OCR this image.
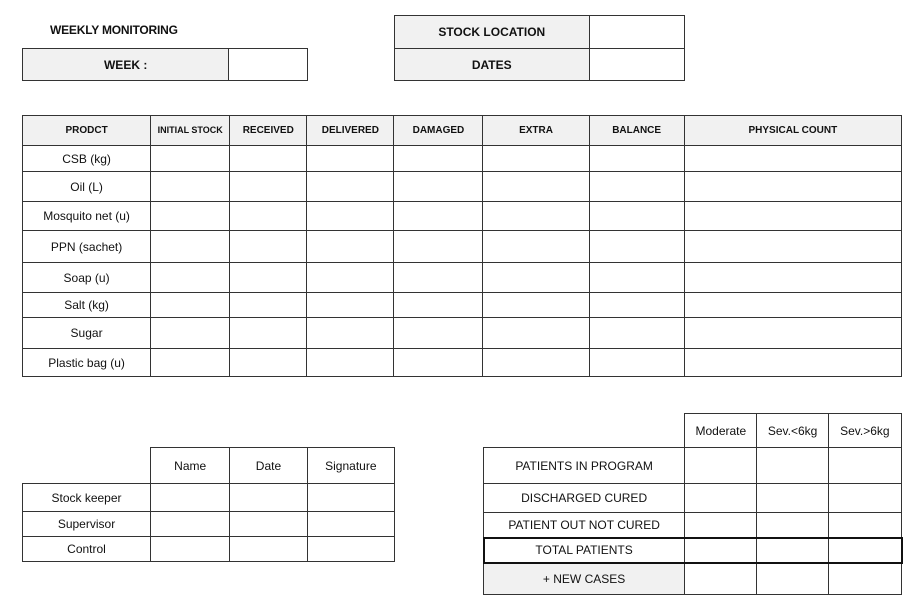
WEEKLY MONITORING
WEEK :	
STOCK LOCATION	
DATES	
PRODCT	INITIAL STOCK	RECEIVED	DELIVERED	DAMAGED	EXTRA	BALANCE	PHYSICAL COUNT
CSB (kg)							
Oil (L)							
Mosquito net (u)							
PPN (sachet)							
Soap (u)							
Salt (kg)							
Sugar							
Plastic bag (u)							
	Name	Date	Signature
Stock keeper			
Supervisor			
Control			
	Moderate	Sev.<6kg	Sev.>6kg
PATIENTS IN PROGRAM			
DISCHARGED CURED			
PATIENT OUT NOT CURED			
TOTAL PATIENTS			
+ NEW CASES			
